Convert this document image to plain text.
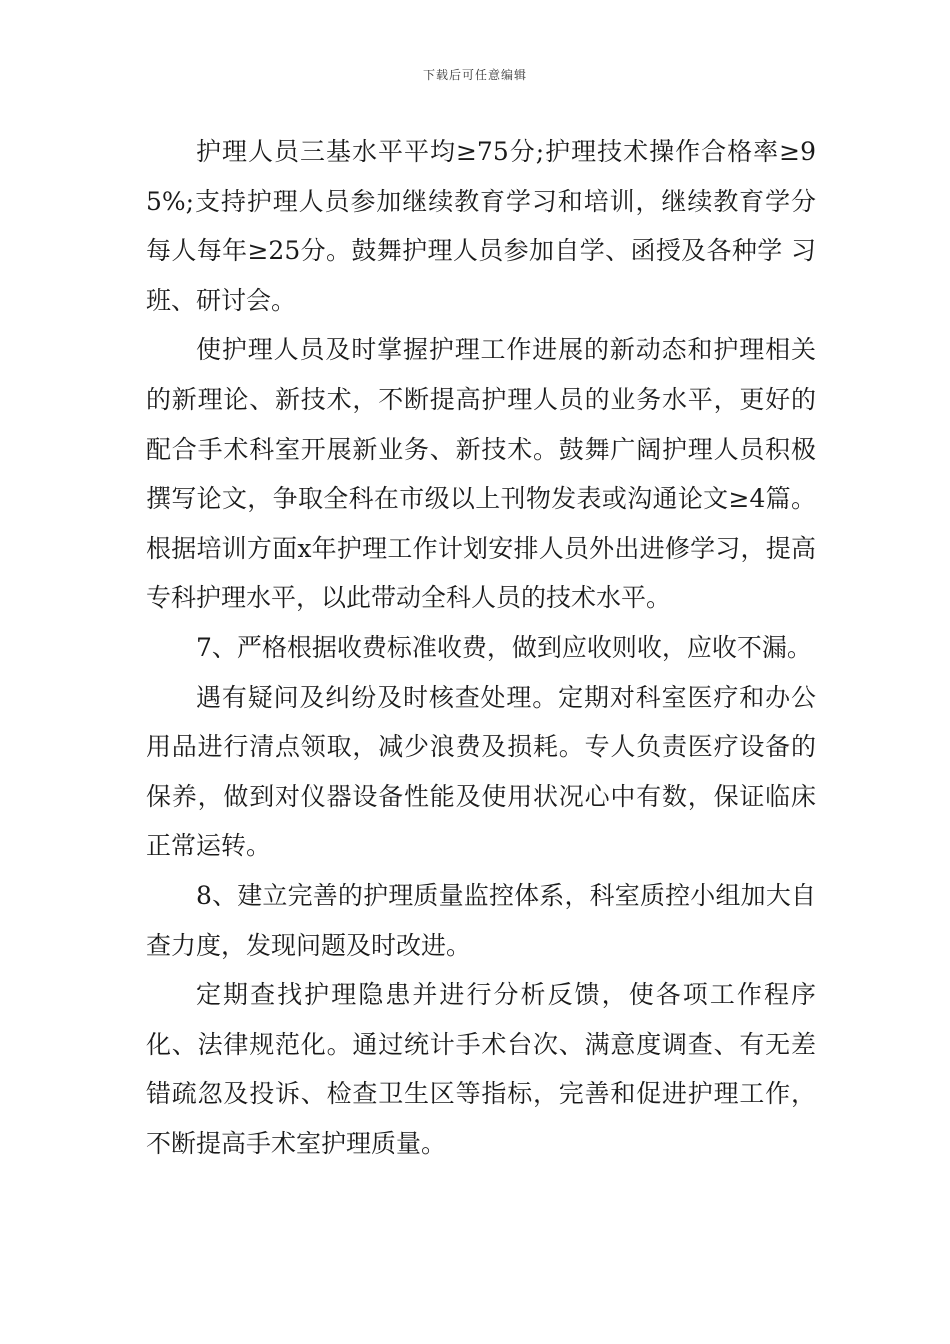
下载后可任意编辑

护理人员三基水平平均≥75分;护理技术操作合格率≥95%;支持护理人员参加继续教育学习和培训，继续教育学分每人每年≥25分。鼓舞护理人员参加自学、函授及各种学 习班、研讨会。

使护理人员及时掌握护理工作进展的新动态和护理相关的新理论、新技术，不断提高护理人员的业务水平，更好的配合手术科室开展新业务、新技术。鼓舞广阔护理人员积极撰写论文，争取全科在市级以上刊物发表或沟通论文≥4篇。根据培训方面x年护理工作计划安排人员外出进修学习，提高专科护理水平，以此带动全科人员的技术水平。

7、严格根据收费标准收费，做到应收则收，应收不漏。

遇有疑问及纠纷及时核查处理。定期对科室医疗和办公用品进行清点领取，减少浪费及损耗。专人负责医疗设备的保养，做到对仪器设备性能及使用状况心中有数，保证临床正常运转。

8、建立完善的护理质量监控体系，科室质控小组加大自查力度，发现问题及时改进。

定期查找护理隐患并进行分析反馈，使各项工作程序化、法律规范化。通过统计手术台次、满意度调查、有无差错疏忽及投诉、检查卫生区等指标，完善和促进护理工作，不断提高手术室护理质量。
